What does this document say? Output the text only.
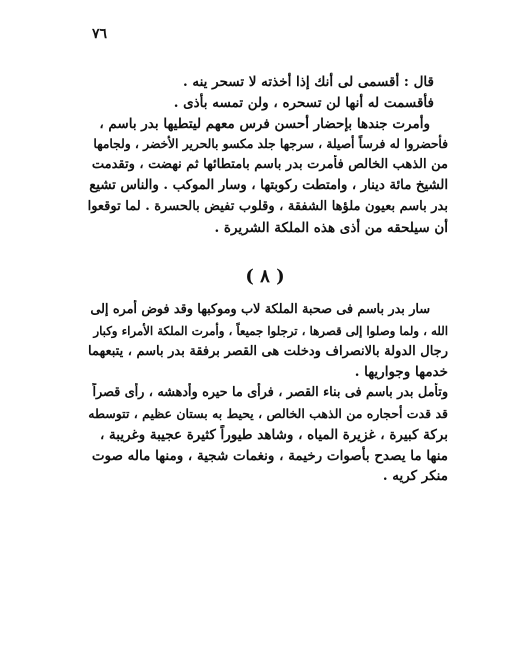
٧٦
قال : أقسمى لى أنك إذا أخذته لا تسحر ينه .
فأقسمت له أنها لن تسحره ، ولن تمسه بأذى .
وأمرت جندها بإحضار أحسن فرس معهم ليتطيها بدر باسم ،
فأحضروا له فرساً أصيلة ، سرجها جلد مكسو بالحرير الأخضر ، ولجامها
من الذهب الخالص فأمرت بدر باسم بامتطائها ثم نهضت ، وتقدمت
الشيخ مائة دينار ، وامتطت ركوبتها ، وسار الموكب . والناس تشيع
بدر باسم بعيون ملؤها الشفقة ، وقلوب تفيض بالحسرة . لما توقعوا
أن سيلحقه من أذى هذه الملكة الشريرة .
( ٨ )
سار بدر باسم فى صحبة الملكة لاب وموكبها وقد فوض أمره إلى
الله ، ولما وصلوا إلى قصرها ، ترجلوا جميعاً ، وأمرت الملكة الأمراء وكبار
رجال الدولة بالانصراف ودخلت هى القصر برفقة بدر باسم ، يتبعهما
خدمها وجواريها .
وتأمل بدر باسم فى بناء القصر ، فرأى ما حيره وأدهشه ، رأى قصراً
قد قدت أحجاره من الذهب الخالص ، يحيط به بستان عظيم ، تتوسطه
بركة كبيرة ، غزيرة المياه ، وشاهد طيوراً كثيرة عجيبة وغريبة ،
منها ما يصدح بأصوات رخيمة ، ونغمات شجية ، ومنها ماله صوت
منكر كريه .
